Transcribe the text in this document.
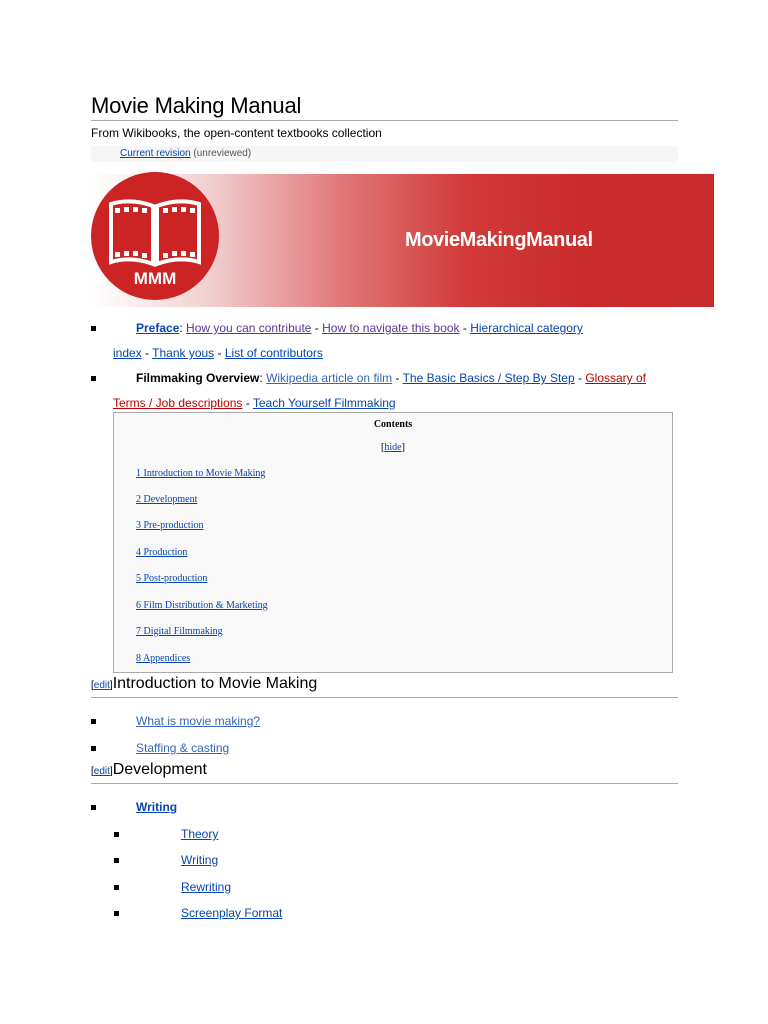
Movie Making Manual
From Wikibooks, the open-content textbooks collection
Current revision (unreviewed)
MMM
MovieMakingManual
Preface: How you can contribute - How to navigate this book - Hierarchical category
index - Thank yous - List of contributors
Filmmaking Overview: Wikipedia article on film - The Basic Basics / Step By Step - Glossary of
Terms / Job descriptions - Teach Yourself Filmmaking
Contents
[hide]
1 Introduction to Movie Making
2 Development
3 Pre-production
4 Production
5 Post-production
6 Film Distribution & Marketing
7 Digital Filmmaking
8 Appendices
[edit]Introduction to Movie Making
What is movie making?
Staffing & casting
[edit]Development
Writing
Theory
Writing
Rewriting
Screenplay Format
